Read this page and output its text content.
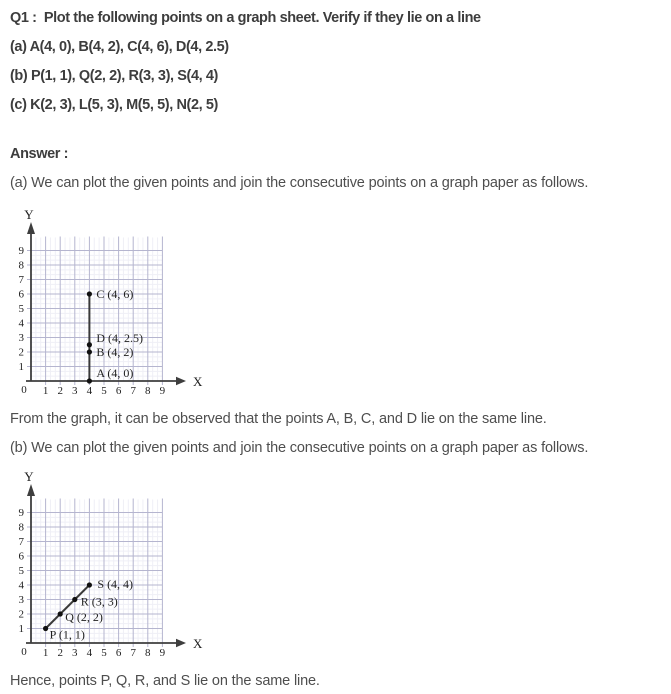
Q1 :  Plot the following points on a graph sheet. Verify if they lie on a line
(a) A(4, 0), B(4, 2), C(4, 6), D(4, 2.5)
(b) P(1, 1), Q(2, 2), R(3, 3), S(4, 4)
(c) K(2, 3), L(5, 3), M(5, 5), N(2, 5)
Answer :
(a) We can plot the given points and join the consecutive points on a graph paper as follows.
X
Y
0 1 2 3 4 5 6 7 8 9
1
2
3
4
5
6
7
8
9
A (4, 0)
B (4, 2)
D (4, 2.5)
C (4, 6)
From the graph, it can be observed that the points A, B, C, and D lie on the same line.
(b) We can plot the given points and join the consecutive points on a graph paper as follows.
X
Y
0 1 2 3 4 5 6 7 8 9
1
2
3
4
5
6
7
8
9
P (1, 1)
Q (2, 2)
R (3, 3)
S (4, 4)
Hence, points P, Q, R, and S lie on the same line.
